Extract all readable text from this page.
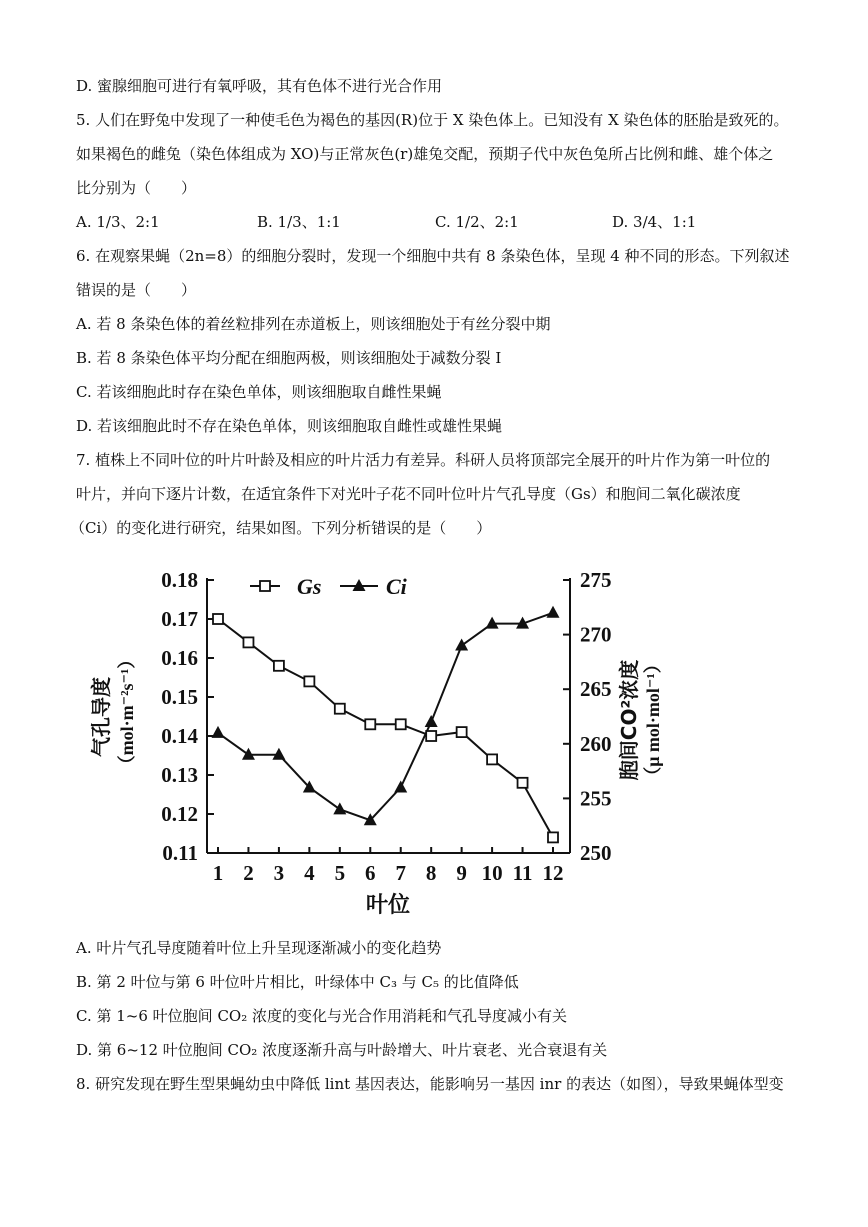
D. 蜜腺细胞可进行有氧呼吸，其有色体不进行光合作用
5. 人们在野兔中发现了一种使毛色为褐色的基因(R)位于 X 染色体上。已知没有 X 染色体的胚胎是致死的。
如果褐色的雌兔（染色体组成为 XO)与正常灰色(r)雄兔交配，预期子代中灰色兔所占比例和雌、雄个体之
比分别为（　　）
A. 1/3、2:1	B. 1/3、1:1	C. 1/2、2:1	D. 3/4、1:1
6. 在观察果蝇（2n=8）的细胞分裂时，发现一个细胞中共有 8 条染色体，呈现 4 种不同的形态。下列叙述
错误的是（　　）
A. 若 8 条染色体的着丝粒排列在赤道板上，则该细胞处于有丝分裂中期
B. 若 8 条染色体平均分配在细胞两极，则该细胞处于减数分裂 I
C. 若该细胞此时存在染色单体，则该细胞取自雌性果蝇
D. 若该细胞此时不存在染色单体，则该细胞取自雌性或雄性果蝇
7. 植株上不同叶位的叶片叶龄及相应的叶片活力有差异。科研人员将顶部完全展开的叶片作为第一叶位的
叶片，并向下逐片计数，在适宜条件下对光叶子花不同叶位叶片气孔导度（Gs）和胞间二氧化碳浓度
（Ci）的变化进行研究，结果如图。下列分析错误的是（　　）
0.18
0.17
0.16
0.15
0.14
0.13
0.12
0.11
275
270
265
260
255
250
1 2 3 4 5 6 7 8 9 10 11 12
叶位
气孔导度 （mol·m⁻²s⁻¹）	胞间CO²浓度 （μ mol·mol⁻¹）
Gs	Ci
A. 叶片气孔导度随着叶位上升呈现逐渐减小的变化趋势
B. 第 2 叶位与第 6 叶位叶片相比，叶绿体中 C₃ 与 C₅ 的比值降低
C. 第 1~6 叶位胞间 CO₂ 浓度的变化与光合作用消耗和气孔导度减小有关
D. 第 6~12 叶位胞间 CO₂ 浓度逐渐升高与叶龄增大、叶片衰老、光合衰退有关
8. 研究发现在野生型果蝇幼虫中降低 lint 基因表达，能影响另一基因 inr 的表达（如图），导致果蝇体型变
